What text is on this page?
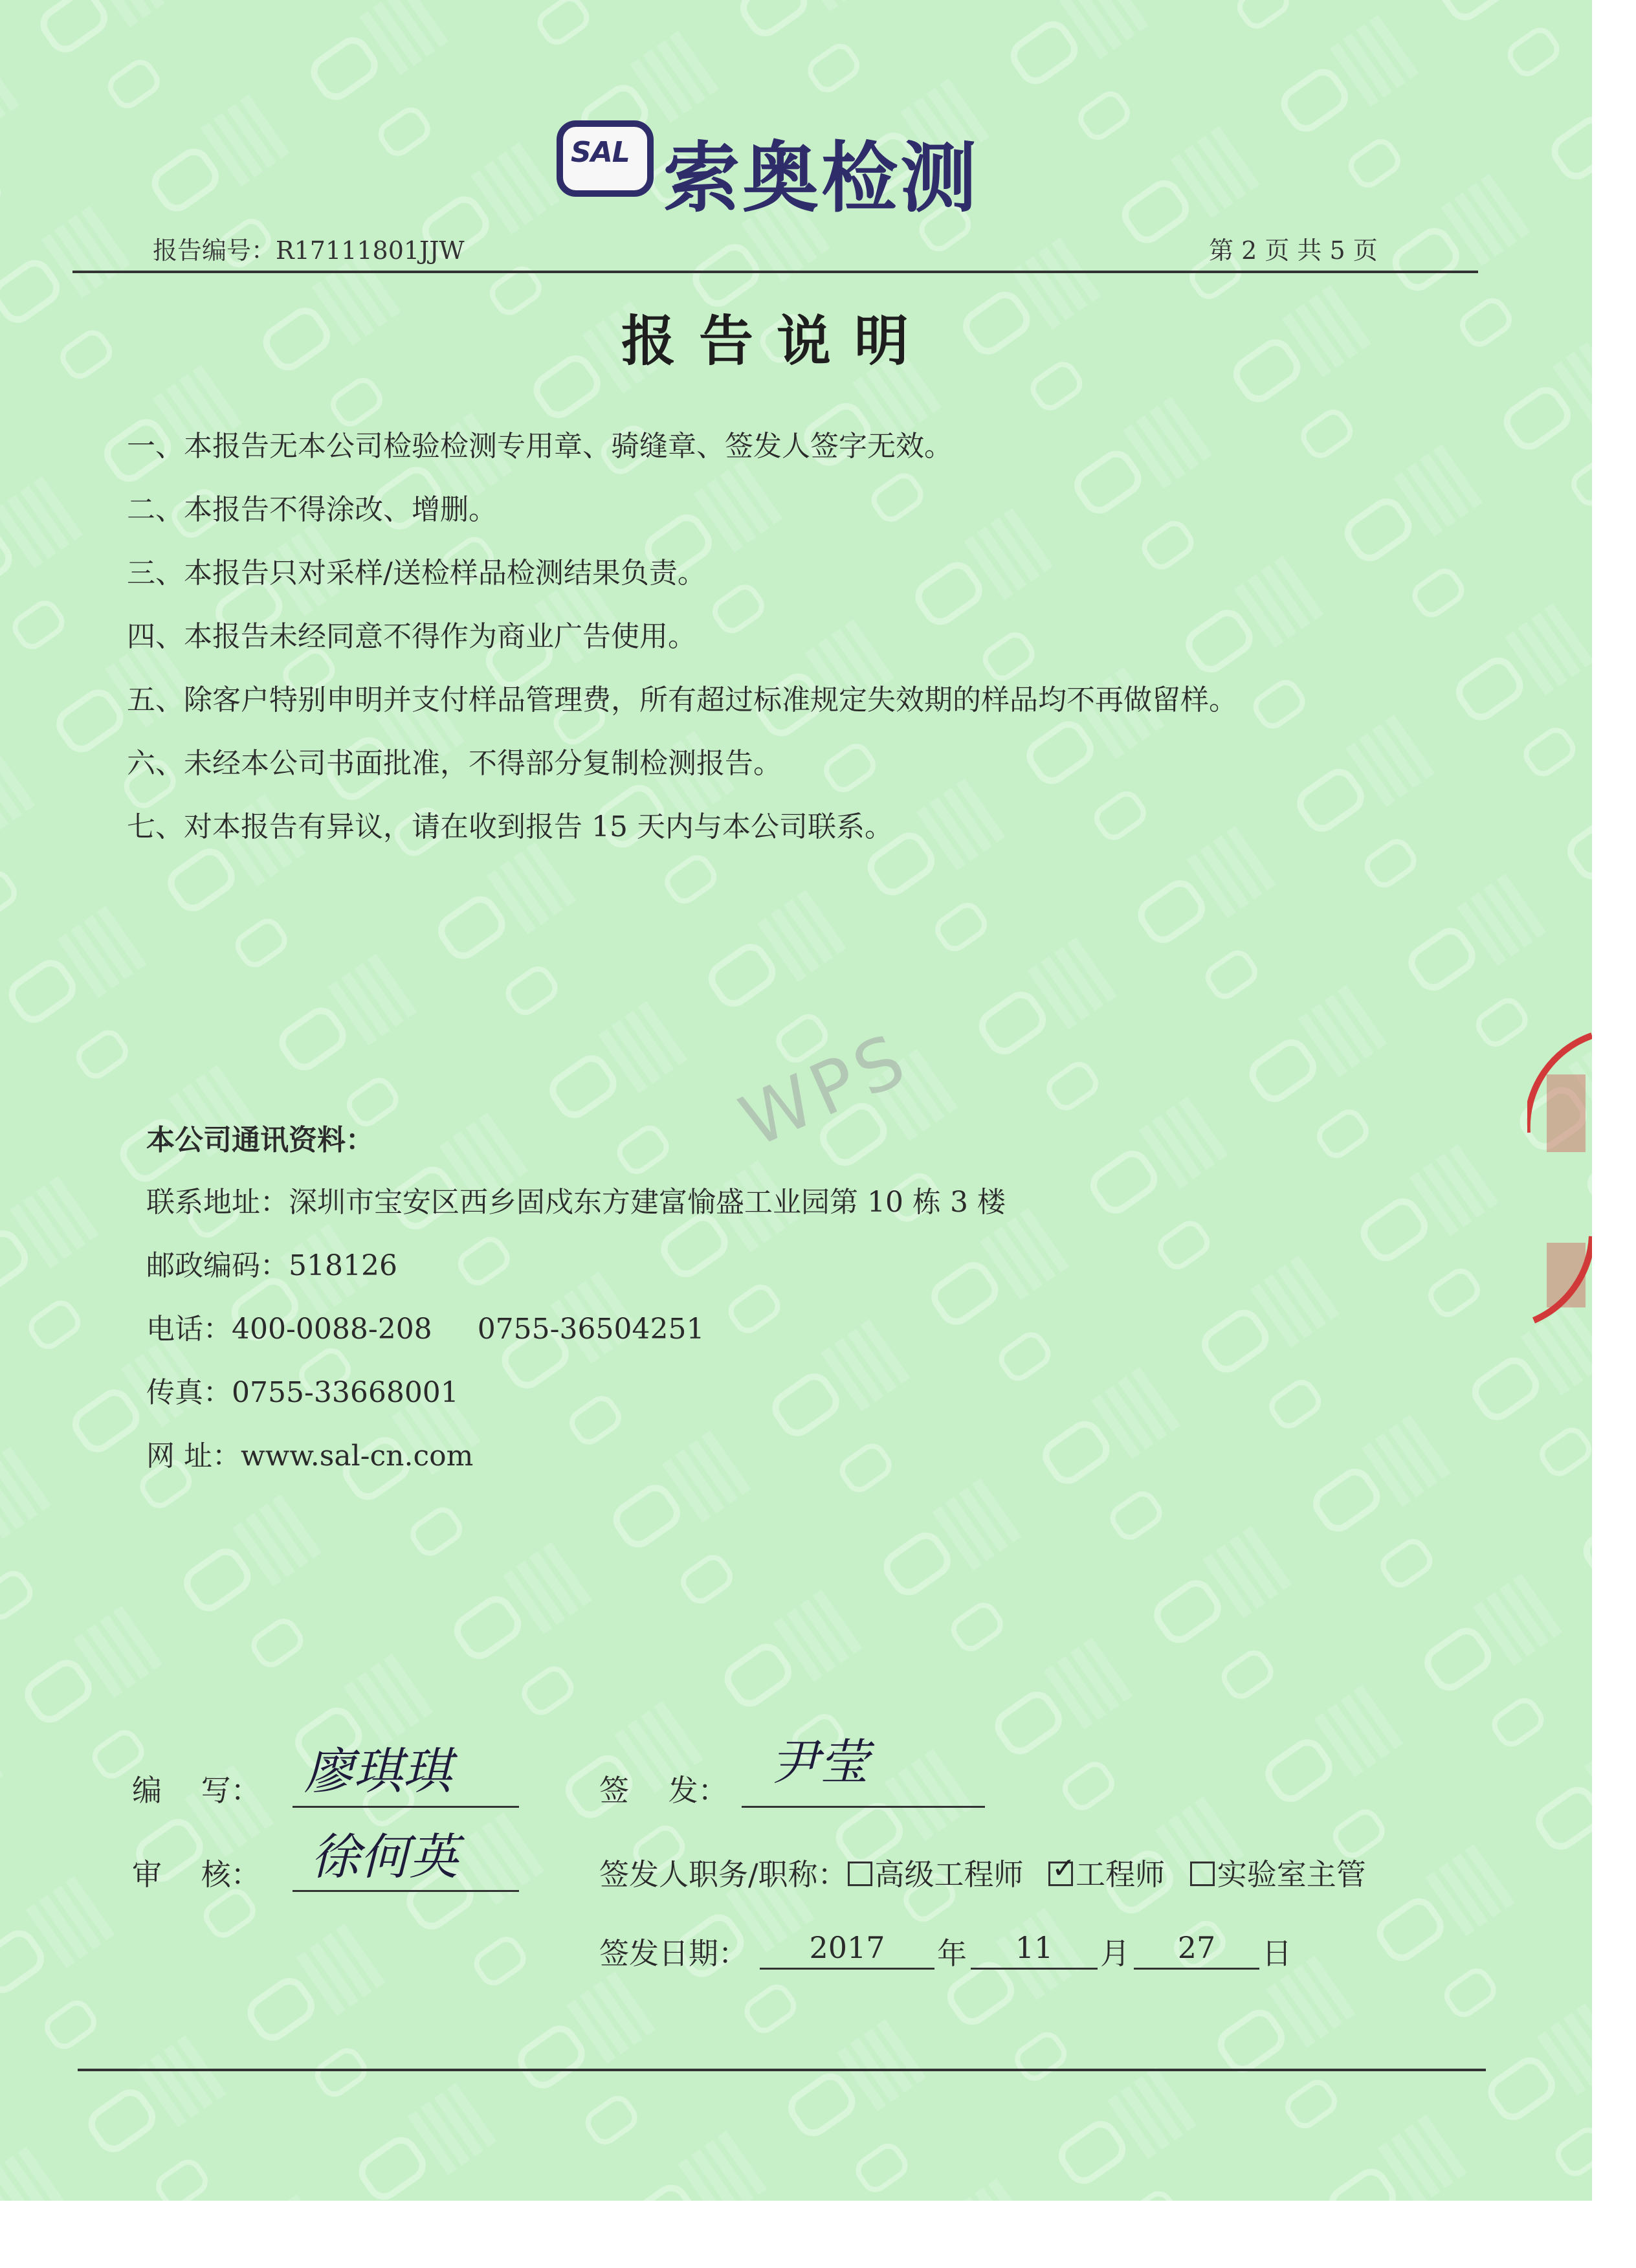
SAL 索奥检测
报告编号：R17111801JJW	第 2 页 共 5 页
报告说明
一、本报告无本公司检验检测专用章、骑缝章、签发人签字无效。
二、本报告不得涂改、增删。
三、本报告只对采样/送检样品检测结果负责。
四、本报告未经同意不得作为商业广告使用。
五、除客户特别申明并支付样品管理费，所有超过标准规定失效期的样品均不再做留样。
六、未经本公司书面批准，不得部分复制检测报告。
七、对本报告有异议，请在收到报告 15 天内与本公司联系。
WPS
本公司通讯资料：
联系地址：深圳市宝安区西乡固戍东方建富愉盛工业园第 10 栋 3 楼
邮政编码：518126
电话：400-0088-208 0755-36504251
传真：0755-33668001
网 址：www.sal-cn.com
编　 写： 廖琪琪
审　 核： 徐何英
签　 发： 尹莹
签发人职务/职称： 高级工程师 ✓ 工程师 实验室主管
签发日期：	2017	年	11	月	27	日
